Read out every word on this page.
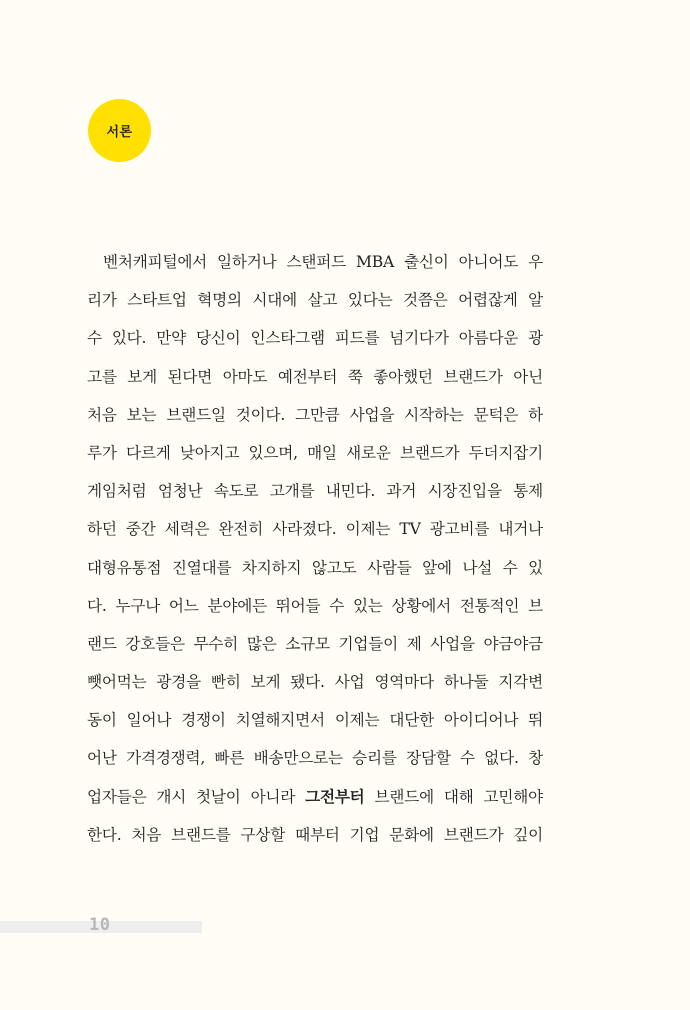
서론
벤처캐피털에서 일하거나 스탠퍼드 MBA 출신이 아니어도 우
리가 스타트업 혁명의 시대에 살고 있다는 것쯤은 어렵잖게 알
수 있다. 만약 당신이 인스타그램 피드를 넘기다가 아름다운 광
고를 보게 된다면 아마도 예전부터 쭉 좋아했던 브랜드가 아닌
처음 보는 브랜드일 것이다. 그만큼 사업을 시작하는 문턱은 하
루가 다르게 낮아지고 있으며, 매일 새로운 브랜드가 두더지잡기
게임처럼 엄청난 속도로 고개를 내민다. 과거 시장진입을 통제
하던 중간 세력은 완전히 사라졌다. 이제는 TV 광고비를 내거나
대형유통점 진열대를 차지하지 않고도 사람들 앞에 나설 수 있
다. 누구나 어느 분야에든 뛰어들 수 있는 상황에서 전통적인 브
랜드 강호들은 무수히 많은 소규모 기업들이 제 사업을 야금야금
뺏어먹는 광경을 빤히 보게 됐다. 사업 영역마다 하나둘 지각변
동이 일어나 경쟁이 치열해지면서 이제는 대단한 아이디어나 뛰
어난 가격경쟁력, 빠른 배송만으로는 승리를 장담할 수 없다. 창
업자들은 개시 첫날이 아니라 그전부터 브랜드에 대해 고민해야
한다. 처음 브랜드를 구상할 때부터 기업 문화에 브랜드가 깊이
10
